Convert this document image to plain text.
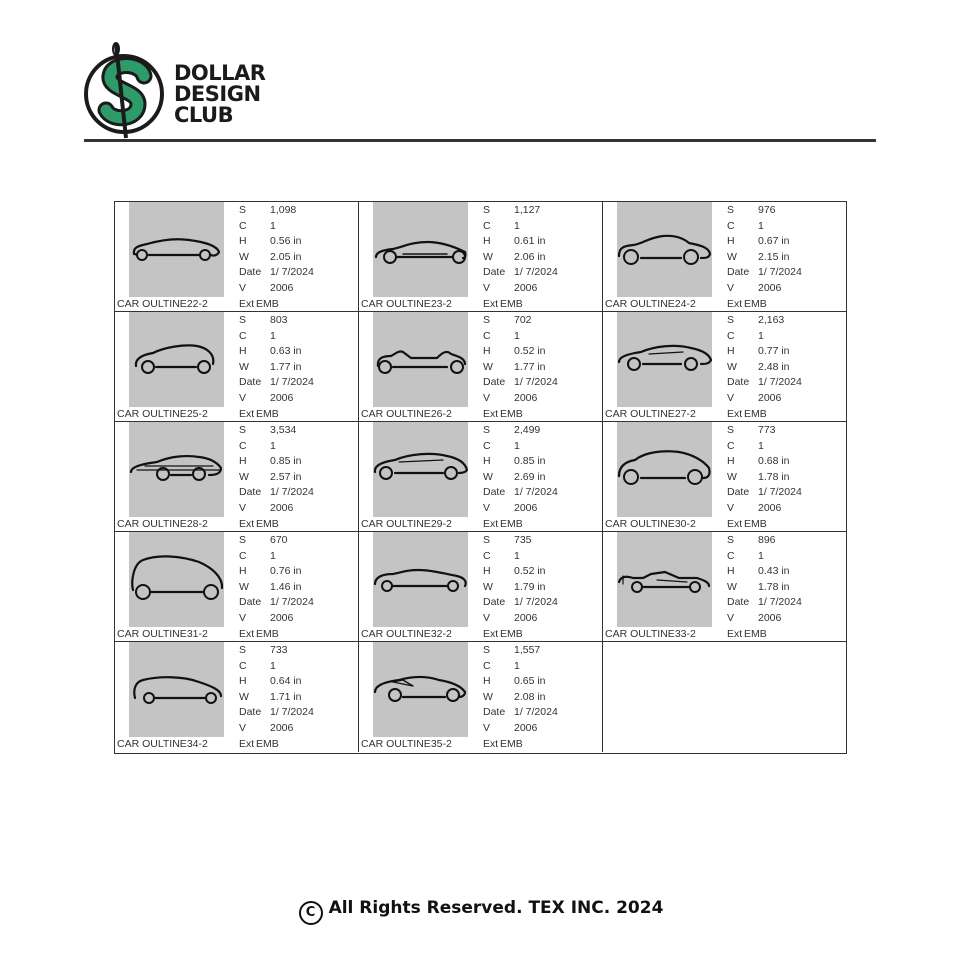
DOLLAR
DESIGN
CLUB
CAR OULTINE22-2
S 1,098
C 1
H 0.56 in
W 2.05 in
Date 1/ 7/2024
V 2006
Ext EMB	CAR OULTINE23-2
S 1,127
C 1
H 0.61 in
W 2.06 in
Date 1/ 7/2024
V 2006
Ext EMB	CAR OULTINE24-2
S 976
C 1
H 0.67 in
W 2.15 in
Date 1/ 7/2024
V 2006
Ext EMB
CAR OULTINE25-2
S 803
C 1
H 0.63 in
W 1.77 in
Date 1/ 7/2024
V 2006
Ext EMB	CAR OULTINE26-2
S 702
C 1
H 0.52 in
W 1.77 in
Date 1/ 7/2024
V 2006
Ext EMB	CAR OULTINE27-2
S 2,163
C 1
H 0.77 in
W 2.48 in
Date 1/ 7/2024
V 2006
Ext EMB
CAR OULTINE28-2
S 3,534
C 1
H 0.85 in
W 2.57 in
Date 1/ 7/2024
V 2006
Ext EMB	CAR OULTINE29-2
S 2,499
C 1
H 0.85 in
W 2.69 in
Date 1/ 7/2024
V 2006
Ext EMB	CAR OULTINE30-2
S 773
C 1
H 0.68 in
W 1.78 in
Date 1/ 7/2024
V 2006
Ext EMB
CAR OULTINE31-2
S 670
C 1
H 0.76 in
W 1.46 in
Date 1/ 7/2024
V 2006
Ext EMB	CAR OULTINE32-2
S 735
C 1
H 0.52 in
W 1.79 in
Date 1/ 7/2024
V 2006
Ext EMB	CAR OULTINE33-2
S 896
C 1
H 0.43 in
W 1.78 in
Date 1/ 7/2024
V 2006
Ext EMB
CAR OULTINE34-2
S 733
C 1
H 0.64 in
W 1.71 in
Date 1/ 7/2024
V 2006
Ext EMB	CAR OULTINE35-2
S 1,557
C 1
H 0.65 in
W 2.08 in
Date 1/ 7/2024
V 2006
Ext EMB
C All Rights Reserved. TEX INC. 2024
